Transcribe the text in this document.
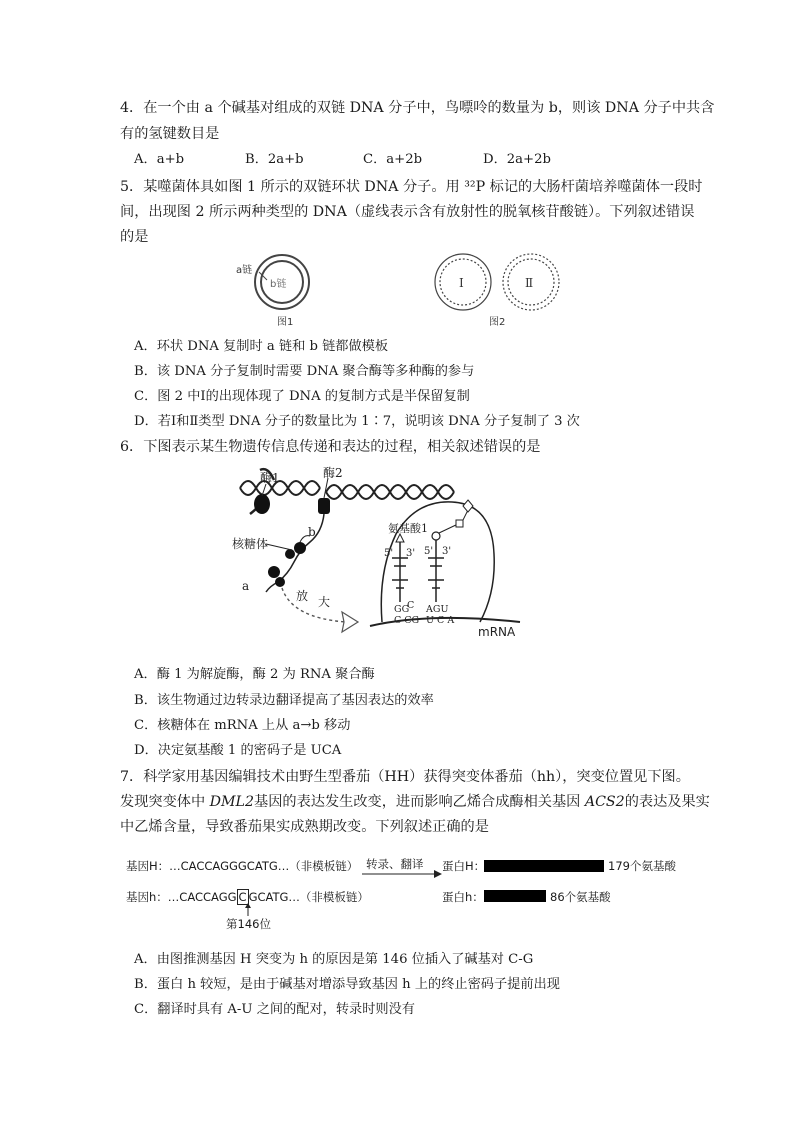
4．在一个由 a 个碱基对组成的双链 DNA 分子中，鸟嘌呤的数量为 b，则该 DNA 分子中共含
有的氢键数目是
A．a+b	B．2a+b	C．a+2b	D．2a+2b
5．某噬菌体具如图 1 所示的双链环状 DNA 分子。用 ³²P 标记的大肠杆菌培养噬菌体一段时
间，出现图 2 所示两种类型的 DNA（虚线表示含有放射性的脱氧核苷酸链）。下列叙述错误
的是
a链
b链
图1
Ⅰ	Ⅱ
图2
A．环状 DNA 复制时 a 链和 b 链都做模板
B．该 DNA 分子复制时需要 DNA 聚合酶等多种酶的参与
C．图 2 中Ⅰ的出现体现了 DNA 的复制方式是半保留复制
D．若Ⅰ和Ⅱ类型 DNA 分子的数量比为 1∶7，说明该 DNA 分子复制了 3 次
6．下图表示某生物遗传信息传递和表达的过程，相关叙述错误的是
酶1	酶2
核糖体
b
a
放 大
氨基酸1
5' 3' 5' 3'
GG
C AGU
C CG U C A
mRNA
A．酶 1 为解旋酶，酶 2 为 RNA 聚合酶
B．该生物通过边转录边翻译提高了基因表达的效率
C．核糖体在 mRNA 上从 a→b 移动
D．决定氨基酸 1 的密码子是 UCA
7．科学家用基因编辑技术由野生型番茄（HH）获得突变体番茄（hh），突变位置见下图。
发现突变体中 DML2基因的表达发生改变，进而影响乙烯合成酶相关基因 ACS2的表达及果实
中乙烯含量，导致番茄果实成熟期改变。下列叙述正确的是
基因H：…CACCAGGGCATG…（非模板链）
基因h：…CACCAGG C GCATG…（非模板链）
转录、翻译 蛋白H：	179个氨基酸
蛋白h：	86个氨基酸
第146位
A．由图推测基因 H 突变为 h 的原因是第 146 位插入了碱基对 C-G
B．蛋白 h 较短，是由于碱基对增添导致基因 h 上的终止密码子提前出现
C．翻译时具有 A-U 之间的配对，转录时则没有
